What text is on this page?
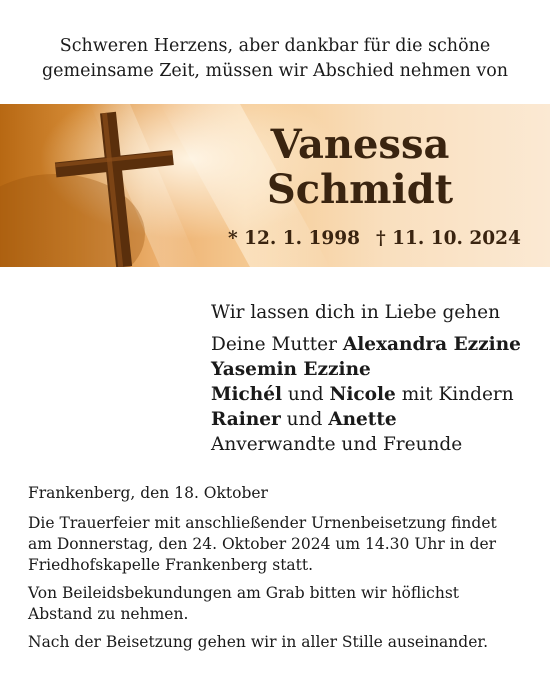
Schweren Herzens, aber dankbar für die schöne
gemeinsame Zeit, müssen wir Abschied nehmen von
Vanessa
Schmidt
* 12. 1. 1998 † 11. 10. 2024
Wir lassen dich in Liebe gehen
Deine Mutter Alexandra Ezzine
Yasemin Ezzine
Michél und Nicole mit Kindern
Rainer und Anette
Anverwandte und Freunde
Frankenberg, den 18. Oktober
Die Trauerfeier mit anschließender Urnenbeisetzung findet
am Donnerstag, den 24. Oktober 2024 um 14.30 Uhr in der
Friedhofskapelle Frankenberg statt.
Von Beileidsbekundungen am Grab bitten wir höflichst
Abstand zu nehmen.
Nach der Beisetzung gehen wir in aller Stille auseinander.
